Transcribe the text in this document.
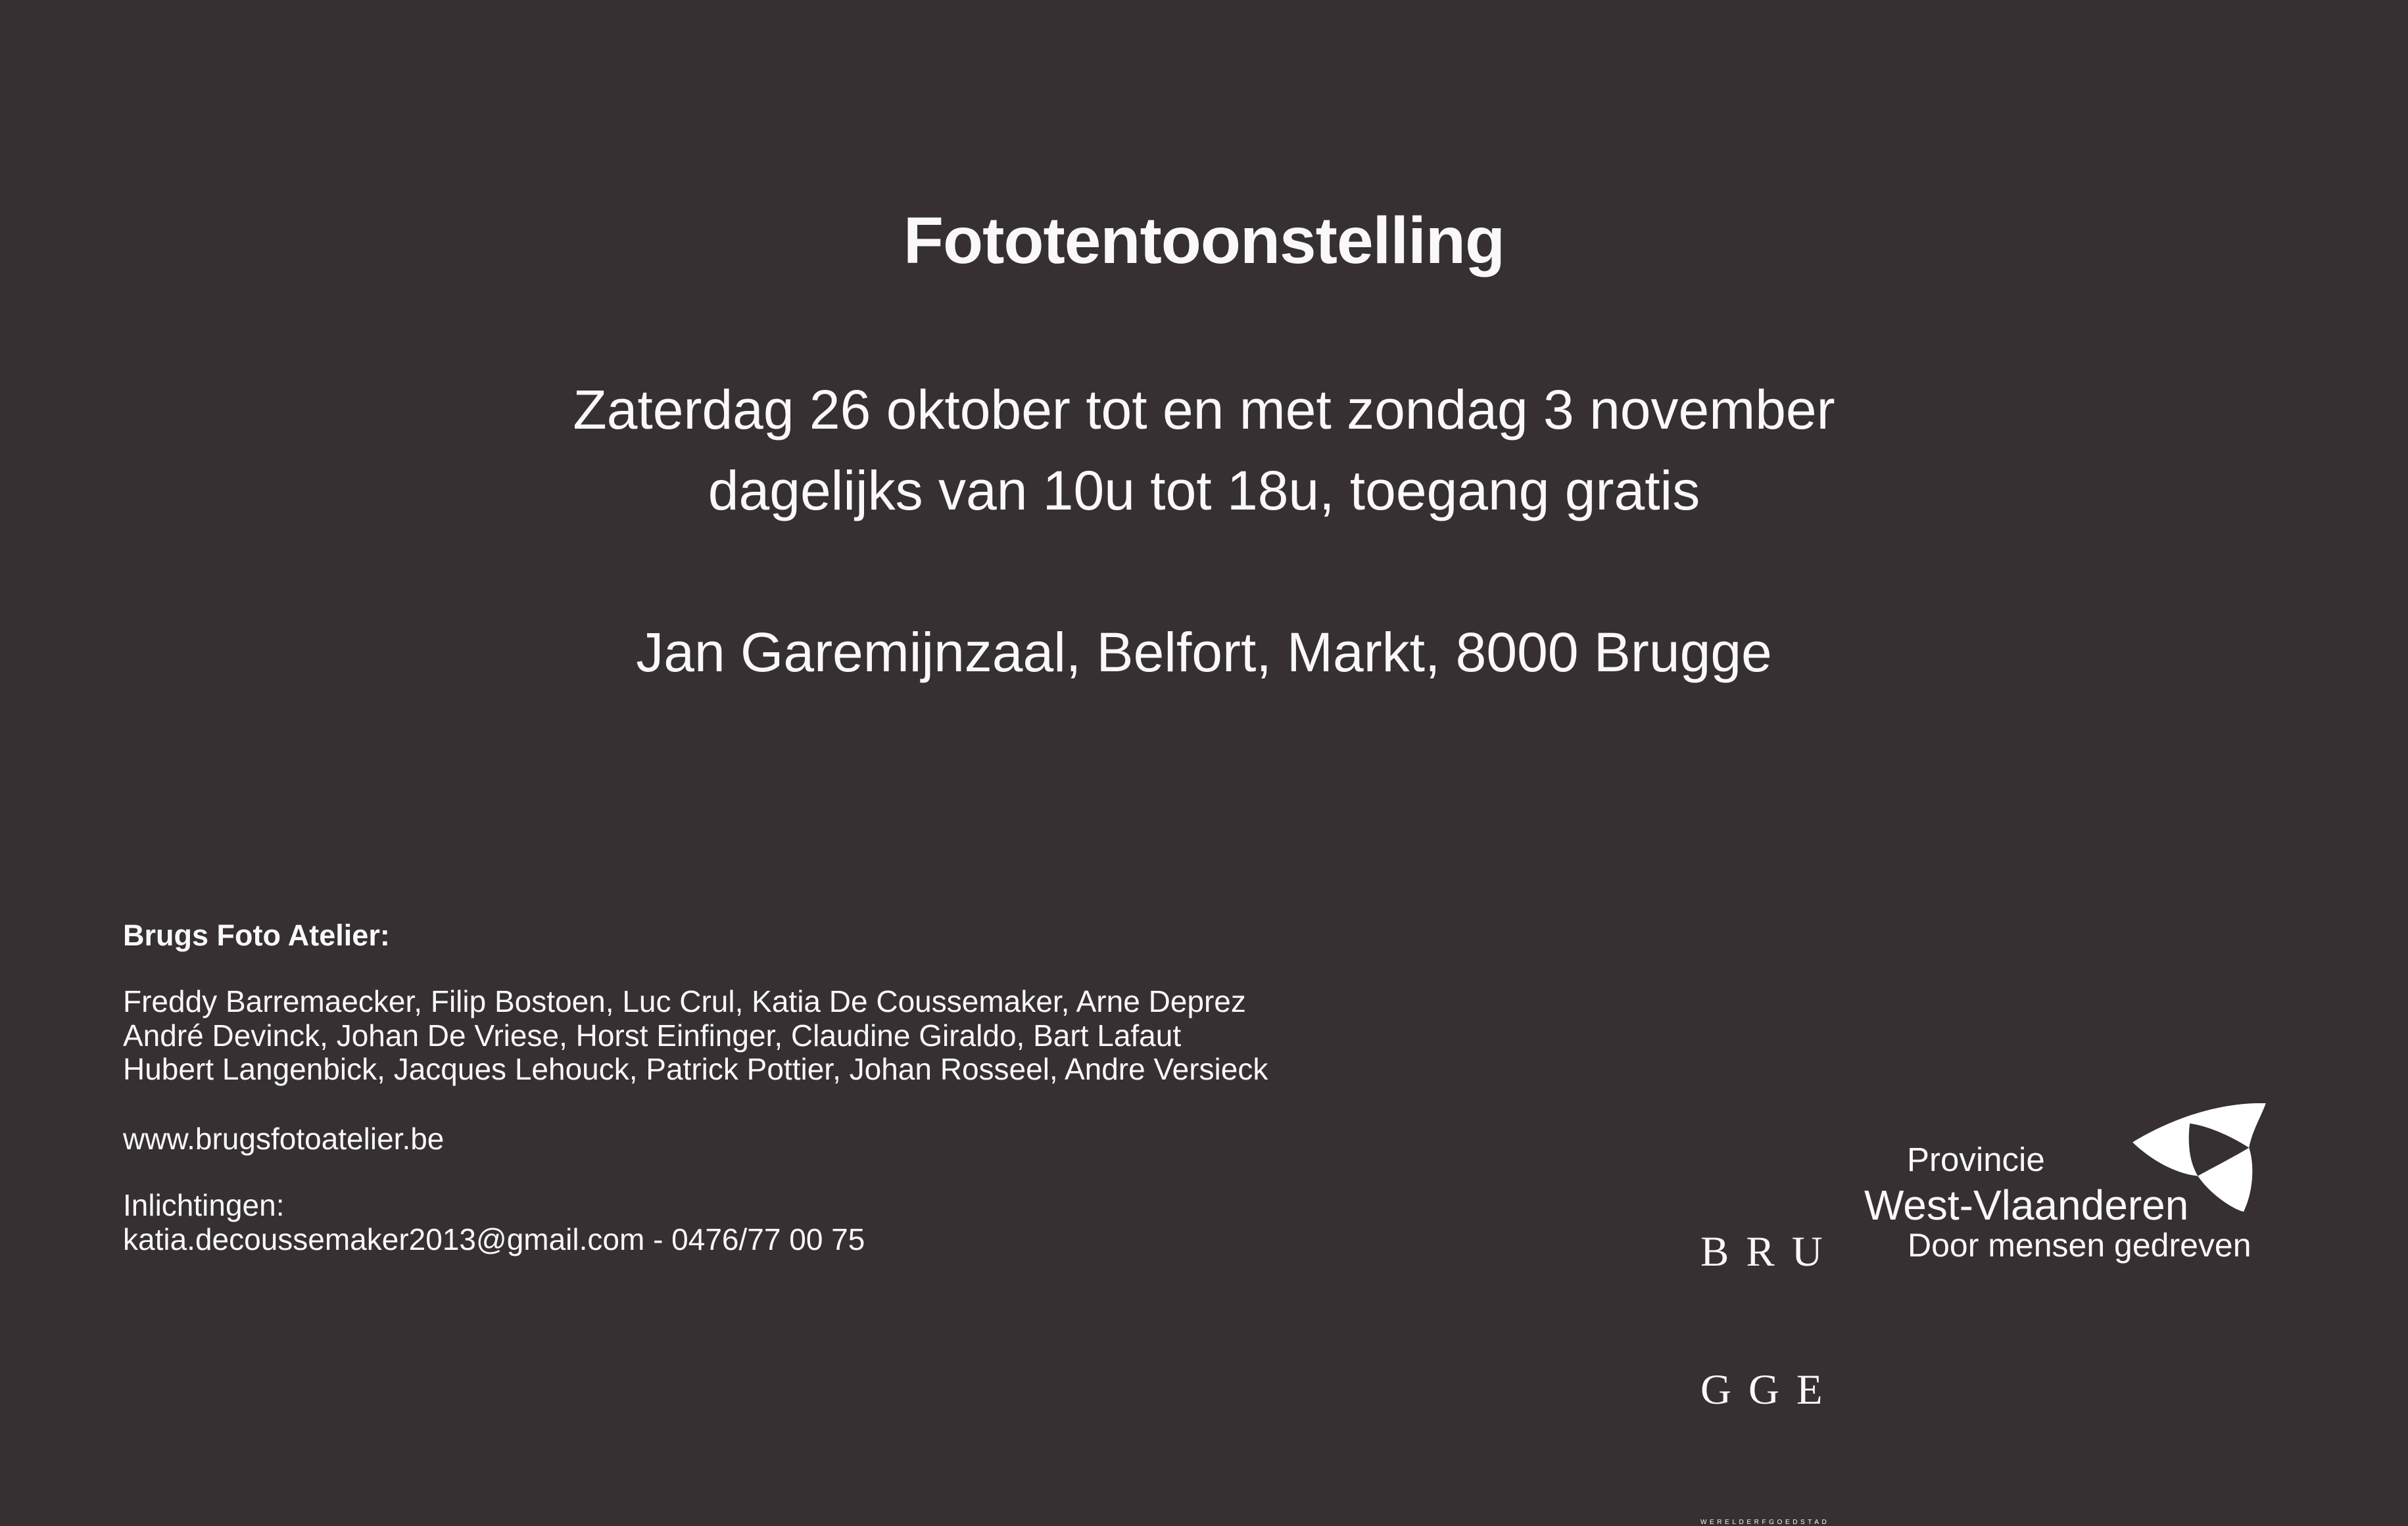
Fototentoonstelling

Zaterdag 26 oktober tot en met zondag 3 november

dagelijks van 10u tot 18u, toegang gratis

Jan Garemijnzaal, Belfort, Markt, 8000 Brugge

Brugs Foto Atelier:
Freddy Barremaecker, Filip Bostoen, Luc Crul, Katia De Coussemaker, Arne Deprez
André Devinck, Johan De Vriese, Horst Einfinger, Claudine Giraldo, Bart Lafaut
Hubert Langenbick, Jacques Lehouck, Patrick Pottier, Johan Rosseel, Andre Versieck

www.brugsfotoatelier.be

Inlichtingen:
katia.decoussemaker2013@gmail.com - 0476/77 00 75

	BRU

GGE

WERELDERFGOEDSTAD
Provincie
West-Vlaanderen
Door mensen gedreven
